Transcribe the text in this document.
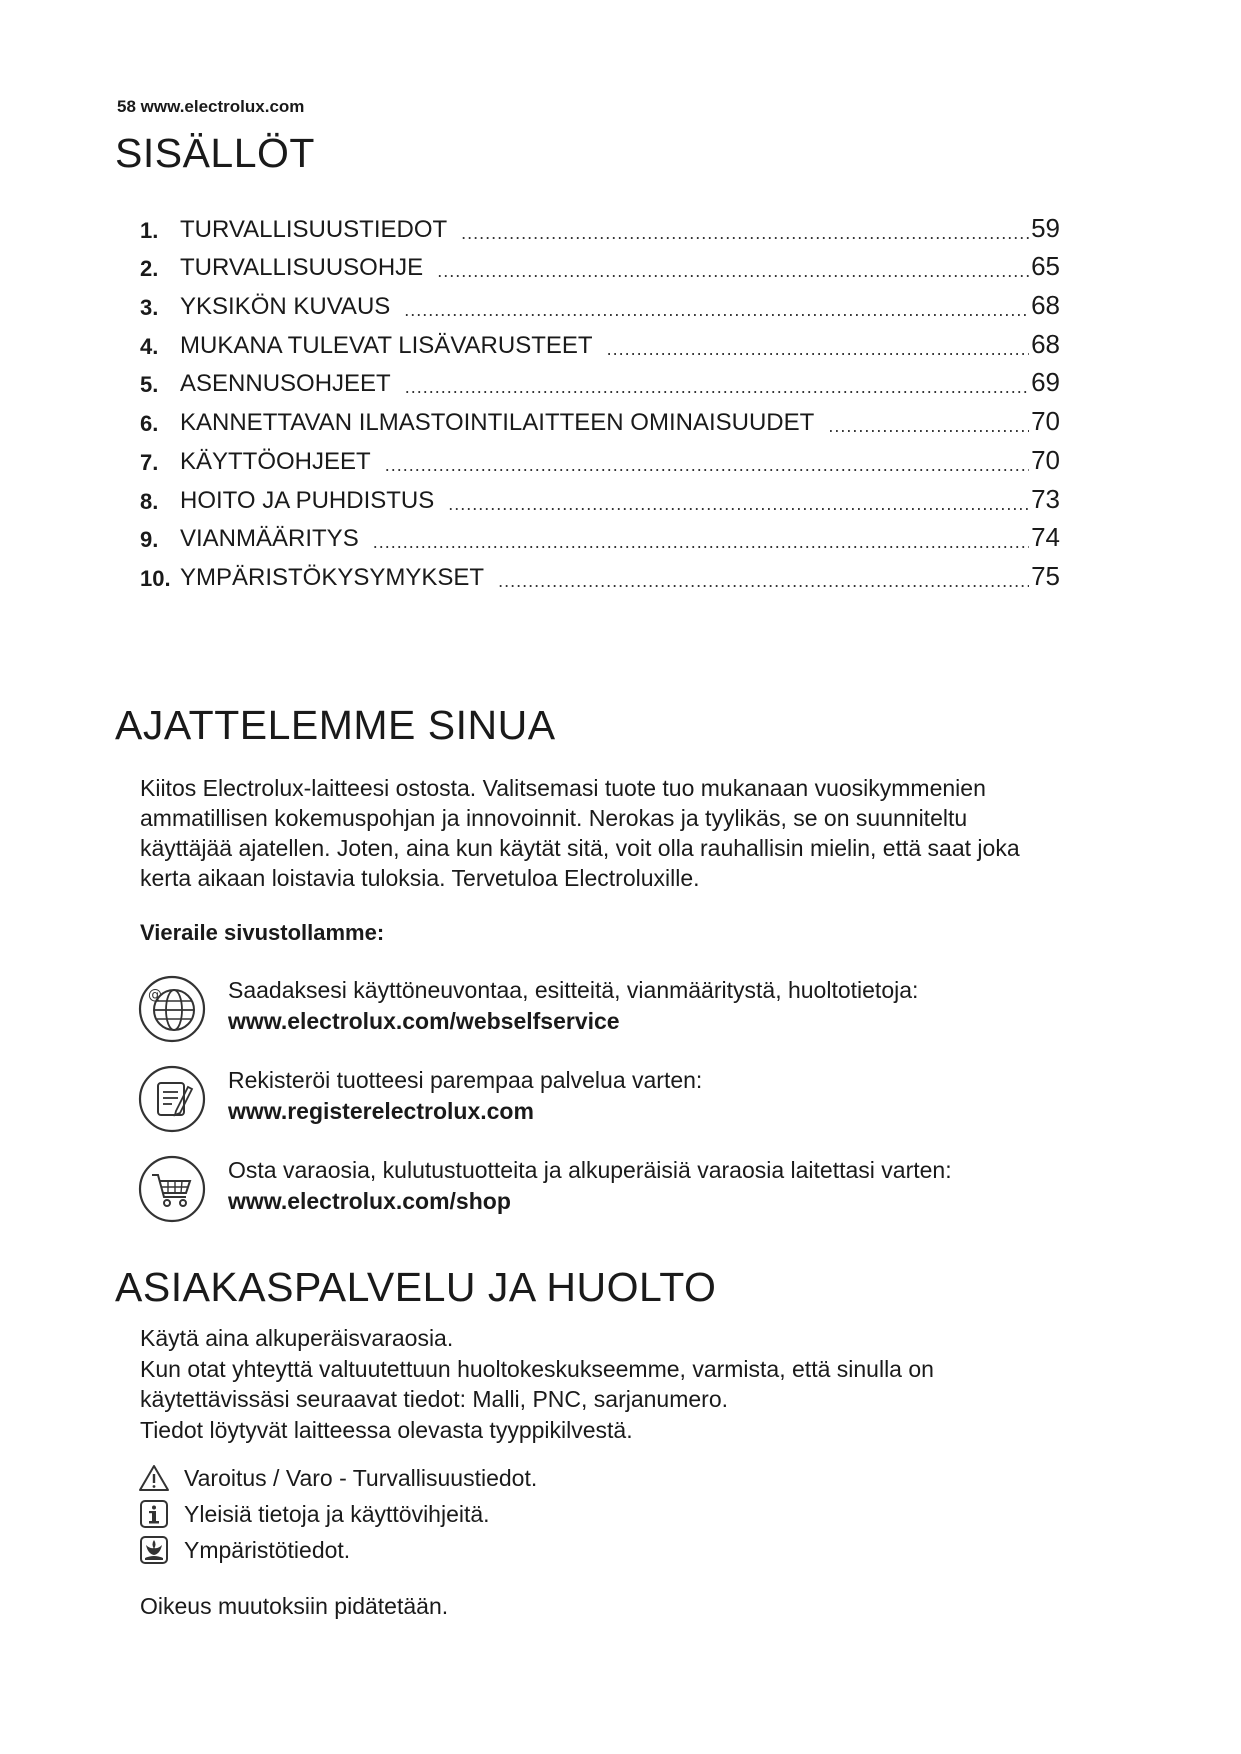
58 www.electrolux.com
SISÄLLÖT
1. TURVALLISUUSTIEDOT .....	59
2. TURVALLISUUSOHJE .....	65
3. YKSIKÖN KUVAUS .....	68
4. MUKANA TULEVAT LISÄVARUSTEET .....	68
5. ASENNUSOHJEET .....	69
6. KANNETTAVAN ILMASTOINTILAITTEEN OMINAISUUDET .....	70
7. KÄYTTÖOHJEET .....	70
8. HOITO JA PUHDISTUS .....	73
9. VIANMÄÄRITYS .....	74
10. YMPÄRISTÖKYSYMYKSET .....	75
AJATTELEMME SINUA
Kiitos Electrolux-laitteesi ostosta. Valitsemasi tuote tuo mukanaan vuosikymmenien
ammatillisen kokemuspohjan ja innovoinnit. Nerokas ja tyylikäs, se on suunniteltu
käyttäjää ajatellen. Joten, aina kun käytät sitä, voit olla rauhallisin mielin, että saat joka
kerta aikaan loistavia tuloksia. Tervetuloa Electroluxille.
Vieraile sivustollamme:
@	Saadaksesi käyttöneuvontaa, esitteitä, vianmääritystä, huoltotietoja:
www.electrolux.com/webselfservice
Rekisteröi tuotteesi parempaa palvelua varten:
www.registerelectrolux.com
Osta varaosia, kulutustuotteita ja alkuperäisiä varaosia laitettasi varten:
www.electrolux.com/shop
ASIAKASPALVELU JA HUOLTO
Käytä aina alkuperäisvaraosia.
Kun otat yhteyttä valtuutettuun huoltokeskukseemme, varmista, että sinulla on
käytettävissäsi seuraavat tiedot: Malli, PNC, sarjanumero.
Tiedot löytyvät laitteessa olevasta tyyppikilvestä.
Varoitus / Varo - Turvallisuustiedot.
Yleisiä tietoja ja käyttövihjeitä.
Ympäristötiedot.
Oikeus muutoksiin pidätetään.
